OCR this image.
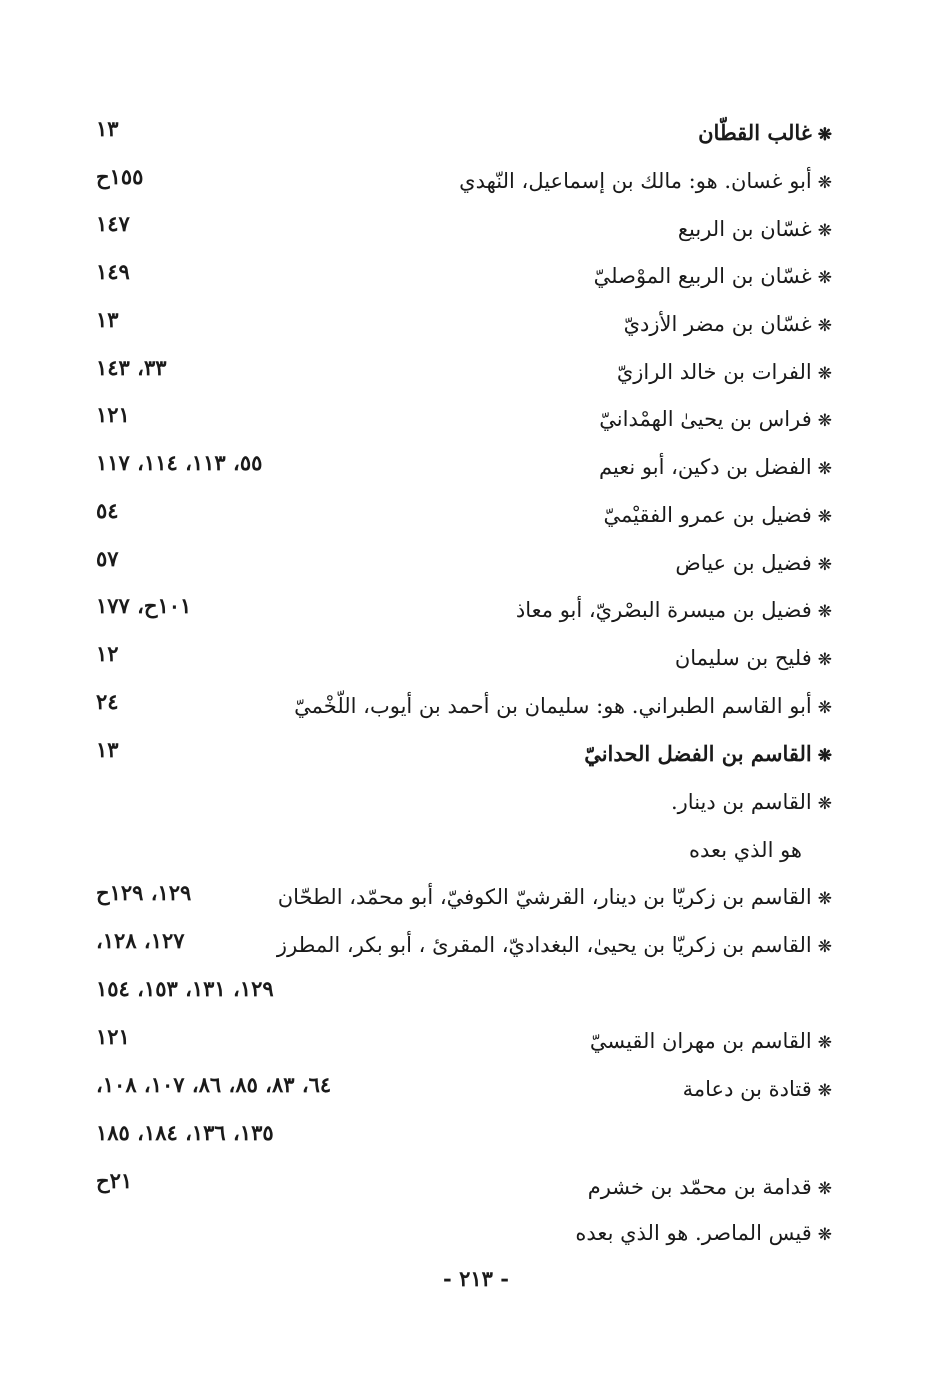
❋غالب القطّان
١٣
❋أبو غسان. هو: مالك بن إسماعيل، النّهدي
١٥٥ح
❋غسّان بن الربيع
١٤٧
❋غسّان بن الربيع الموْصليّ
١٤٩
❋غسّان بن مضر الأزديّ
١٣
❋الفرات بن خالد الرازيّ
٣٣، ١٤٣
❋فراس بن يحيىٰ الهمْدانيّ
١٢١
❋الفضل بن دكين، أبو نعيم
٥٥، ١١٣، ١١٤، ١١٧
❋فضيل بن عمرو الفقيْميّ
٥٤
❋فضيل بن عياض
٥٧
❋فضيل بن ميسرة البصْريّ، أبو معاذ
١٠١ح، ١٧٧
❋فليح بن سليمان
١٢
❋أبو القاسم الطبراني. هو: سليمان بن أحمد بن أيوب، اللّخْميّ
٢٤
❋القاسم بن الفضل الحدانيّ
١٣
❋القاسم بن دينار.
هو الذي بعده
❋القاسم بن زكريّا بن دينار، القرشيّ الكوفيّ، أبو محمّد، الطحّان
١٢٩، ١٢٩ح
❋القاسم بن زكريّا بن يحيىٰ، البغداديّ، المقرئ ، أبو بكر، المطرز
١٢٧، ١٢٨،
١٢٩، ١٣١، ١٥٣، ١٥٤
❋القاسم بن مهران القيسيّ
١٢١
❋قتادة بن دعامة
٦٤، ٨٣، ٨٥، ٨٦، ١٠٧، ١٠٨،
١٣٥، ١٣٦، ١٨٤، ١٨٥
❋قدامة بن محمّد بن خشرم
٢١ح
❋قيس الماصر. هو الذي بعده
- ٢١٣ -
